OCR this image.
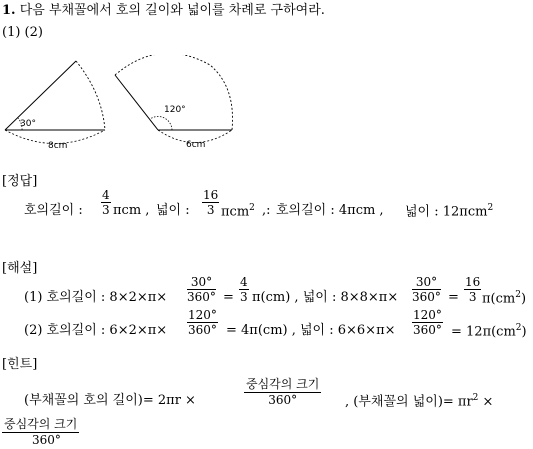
1. 다음 부채꼴에서 호의 길이와 넓이를 차례로 구하여라.
(1) (2)
30°
8cm
120°
6cm
[정답]
호의길이 : $\frac{4}{3}$ πcm , 넓이 : $\frac{16}{3} \pi cm^2$ ,: 호의길이 : 4πcm , 넓이 : 12πcm$^2$
[해설]
(1) 호의길이 : $8\times 2\times\pi\times \frac{30^\circ}{360^\circ} = \frac{4}{3} \pi(cm)$ , 넓이 : $8\times 8\times\pi\times \frac{30^\circ}{360^\circ} = \frac{16}{3} \pi(cm^2)$
(2) 호의길이 : $6\times 2\times\pi\times \frac{120^\circ}{360^\circ} = 4\pi(cm)$ , 넓이 : $6\times 6\times\pi\times \frac{120^\circ}{360^\circ} = 12\pi(cm^2)$
[힌트]
(부채꼴의 호의 길이)= 2πr ×
중심각의 크기
360°	, (부채꼴의 넓이)= $\pi r^2$ ×
중심각의 크기
360°
